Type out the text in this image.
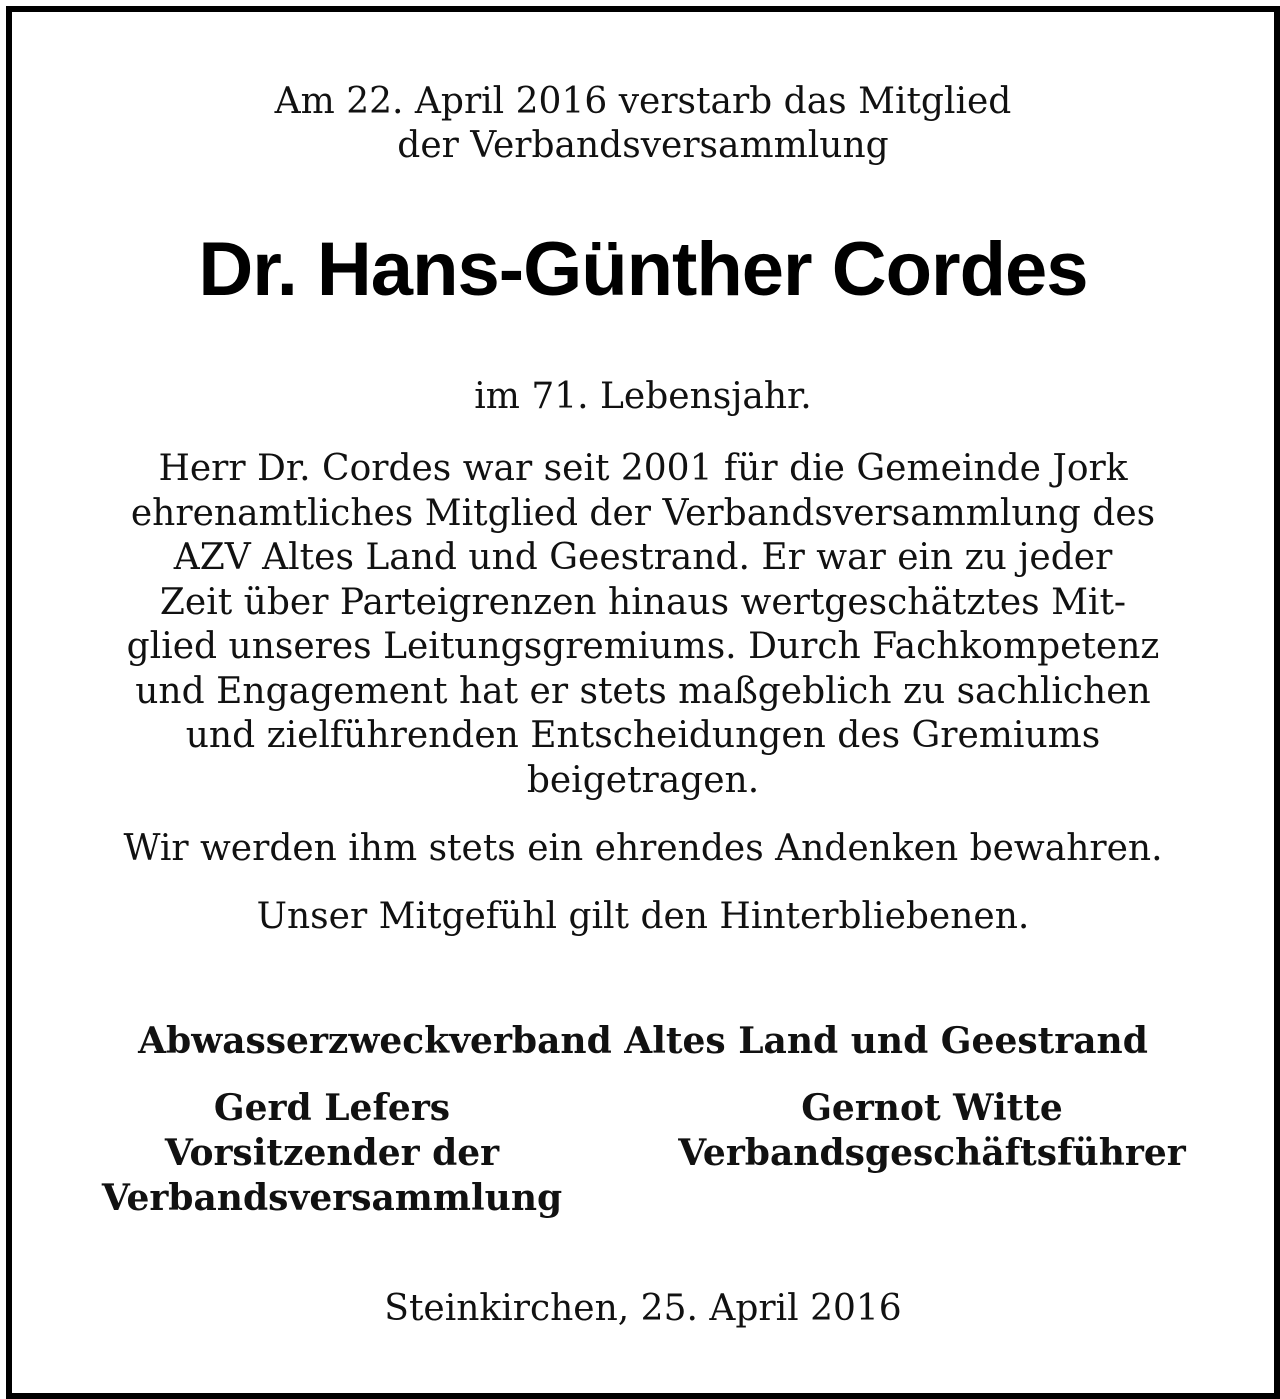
Am 22. April 2016 verstarb das Mitglied
der Verbandsversammlung
Dr. Hans-Günther Cordes
im 71. Lebensjahr.
Herr Dr. Cordes war seit 2001 für die Gemeinde Jork
ehrenamtliches Mitglied der Verbandsversammlung des
AZV Altes Land und Geestrand. Er war ein zu jeder
Zeit über Parteigrenzen hinaus wertgeschätztes Mit-
glied unseres Leitungsgremiums. Durch Fachkompetenz
und Engagement hat er stets maßgeblich zu sachlichen
und zielführenden Entscheidungen des Gremiums
beigetragen.
Wir werden ihm stets ein ehrendes Andenken bewahren.
Unser Mitgefühl gilt den Hinterbliebenen.
Abwasserzweckverband Altes Land und Geestrand
Gerd Lefers
Vorsitzender der
Verbandsversammlung
Gernot Witte
Verbandsgeschäftsführer
Steinkirchen, 25. April 2016
